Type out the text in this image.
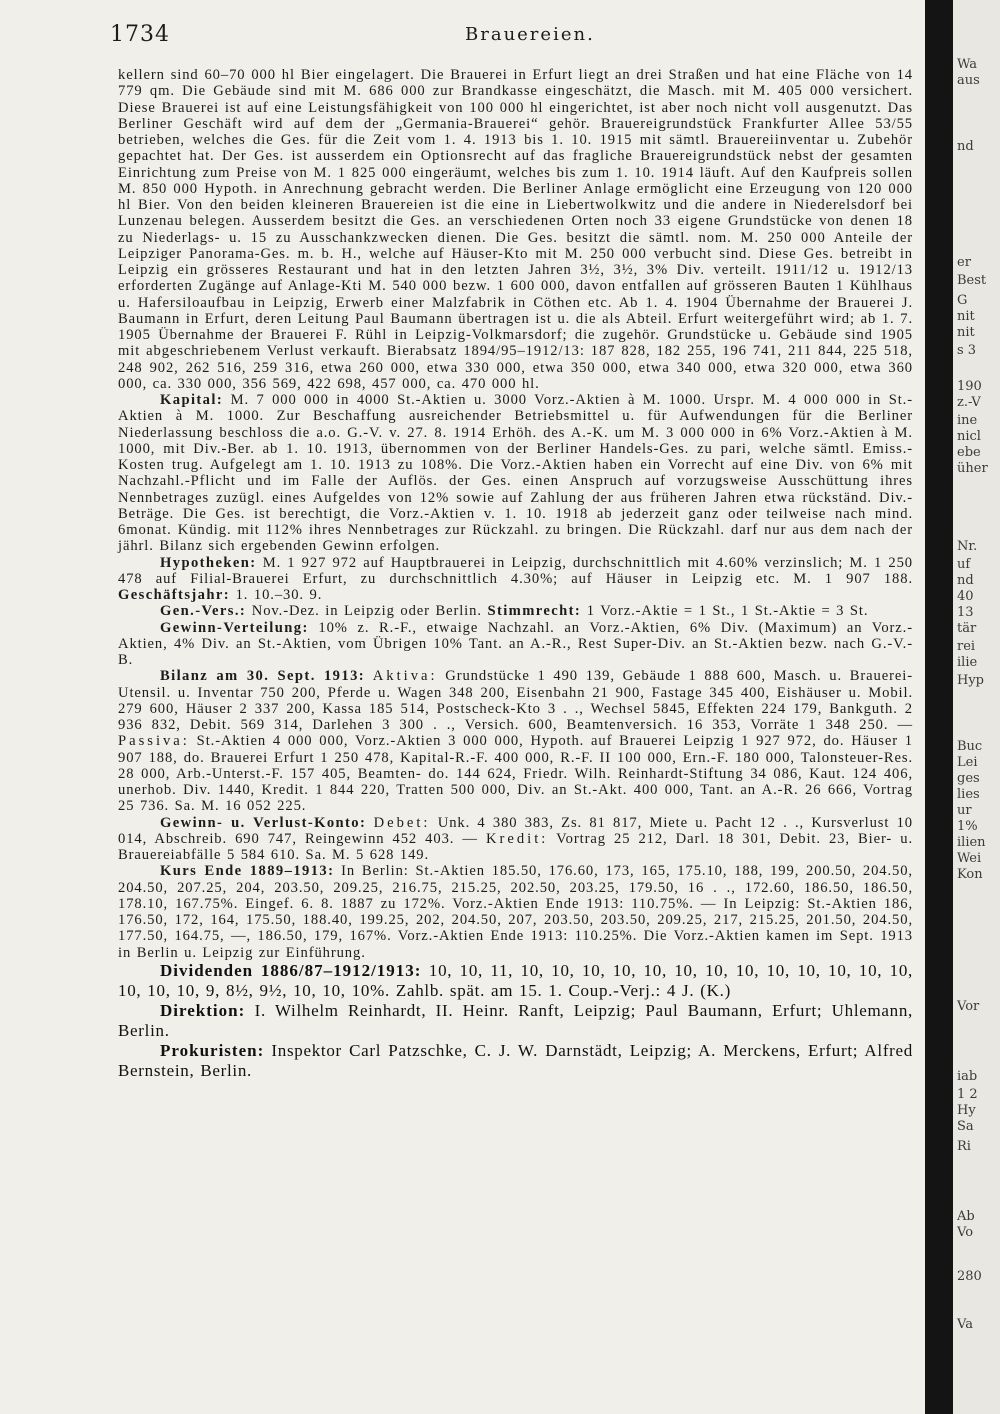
1734	Brauereien.

kellern sind 60–70 000 hl Bier eingelagert. Die Brauerei in Erfurt liegt an drei Straßen und hat eine Fläche von 14 779 qm. Die Gebäude sind mit M. 686 000 zur Brandkasse eingeschätzt, die Masch. mit M. 405 000 versichert. Diese Brauerei ist auf eine Leistungsfähigkeit von 100 000 hl eingerichtet, ist aber noch nicht voll ausgenutzt. Das Berliner Geschäft wird auf dem der „Germania-Brauerei“ gehör. Brauereigrundstück Frankfurter Allee 53/55 betrieben, welches die Ges. für die Zeit vom 1. 4. 1913 bis 1. 10. 1915 mit sämtl. Brauereiinventar u. Zubehör gepachtet hat. Der Ges. ist ausserdem ein Optionsrecht auf das fragliche Brauereigrundstück nebst der gesamten Einrichtung zum Preise von M. 1 825 000 eingeräumt, welches bis zum 1. 10. 1914 läuft. Auf den Kaufpreis sollen M. 850 000 Hypoth. in Anrechnung gebracht werden. Die Berliner Anlage ermöglicht eine Erzeugung von 120 000 hl Bier. Von den beiden kleineren Brauereien ist die eine in Liebertwolkwitz und die andere in Niederelsdorf bei Lunzenau belegen. Ausserdem besitzt die Ges. an verschiedenen Orten noch 33 eigene Grundstücke von denen 18 zu Niederlags- u. 15 zu Ausschankzwecken dienen. Die Ges. besitzt die sämtl. nom. M. 250 000 Anteile der Leipziger Panorama-Ges. m. b. H., welche auf Häuser-Kto mit M. 250 000 verbucht sind. Diese Ges. betreibt in Leipzig ein grösseres Restaurant und hat in den letzten Jahren 3½, 3½, 3% Div. verteilt. 1911/12 u. 1912/13 erforderten Zugänge auf Anlage-Kti M. 540 000 bezw. 1 600 000, davon entfallen auf grösseren Bauten 1 Kühlhaus u. Hafersiloaufbau in Leipzig, Erwerb einer Malzfabrik in Cöthen etc. Ab 1. 4. 1904 Übernahme der Brauerei J. Baumann in Erfurt, deren Leitung Paul Baumann übertragen ist u. die als Abteil. Erfurt weitergeführt wird; ab 1. 7. 1905 Übernahme der Brauerei F. Rühl in Leipzig-Volkmarsdorf; die zugehör. Grundstücke u. Gebäude sind 1905 mit abgeschriebenem Verlust verkauft. Bierabsatz 1894/95–1912/13: 187 828, 182 255, 196 741, 211 844, 225 518, 248 902, 262 516, 259 316, etwa 260 000, etwa 330 000, etwa 350 000, etwa 340 000, etwa 320 000, etwa 360 000, ca. 330 000, 356 569, 422 698, 457 000, ca. 470 000 hl.

Kapital: M. 7 000 000 in 4000 St.-Aktien u. 3000 Vorz.-Aktien à M. 1000. Urspr. M. 4 000 000 in St.-Aktien à M. 1000. Zur Beschaffung ausreichender Betriebsmittel u. für Aufwendungen für die Berliner Niederlassung beschloss die a.o. G.-V. v. 27. 8. 1914 Erhöh. des A.-K. um M. 3 000 000 in 6% Vorz.-Aktien à M. 1000, mit Div.-Ber. ab 1. 10. 1913, übernommen von der Berliner Handels-Ges. zu pari, welche sämtl. Emiss.-Kosten trug. Aufgelegt am 1. 10. 1913 zu 108%. Die Vorz.-Aktien haben ein Vorrecht auf eine Div. von 6% mit Nachzahl.-Pflicht und im Falle der Auflös. der Ges. einen Anspruch auf vorzugsweise Ausschüttung ihres Nennbetrages zuzügl. eines Aufgeldes von 12% sowie auf Zahlung der aus früheren Jahren etwa rückständ. Div.-Beträge. Die Ges. ist berechtigt, die Vorz.-Aktien v. 1. 10. 1918 ab jederzeit ganz oder teilweise nach mind. 6monat. Kündig. mit 112% ihres Nennbetrages zur Rückzahl. zu bringen. Die Rückzahl. darf nur aus dem nach der jährl. Bilanz sich ergebenden Gewinn erfolgen.

Hypotheken: M. 1 927 972 auf Hauptbrauerei in Leipzig, durchschnittlich mit 4.60% verzinslich; M. 1 250 478 auf Filial-Brauerei Erfurt, zu durchschnittlich 4.30%; auf Häuser in Leipzig etc. M. 1 907 188. Geschäftsjahr: 1. 10.–30. 9.

Gen.-Vers.: Nov.-Dez. in Leipzig oder Berlin. Stimmrecht: 1 Vorz.-Aktie = 1 St., 1 St.-Aktie = 3 St.

Gewinn-Verteilung: 10% z. R.-F., etwaige Nachzahl. an Vorz.-Aktien, 6% Div. (Maximum) an Vorz.-Aktien, 4% Div. an St.-Aktien, vom Übrigen 10% Tant. an A.-R., Rest Super-Div. an St.-Aktien bezw. nach G.-V.-B.

Bilanz am 30. Sept. 1913: Aktiva: Grundstücke 1 490 139, Gebäude 1 888 600, Masch. u. Brauerei-Utensil. u. Inventar 750 200, Pferde u. Wagen 348 200, Eisenbahn 21 900, Fastage 345 400, Eishäuser u. Mobil. 279 600, Häuser 2 337 200, Kassa 185 514, Postscheck-Kto 3 . ., Wechsel 5845, Effekten 224 179, Bankguth. 2 936 832, Debit. 569 314, Darlehen 3 300 . ., Versich. 600, Beamtenversich. 16 353, Vorräte 1 348 250. — Passiva: St.-Aktien 4 000 000, Vorz.-Aktien 3 000 000, Hypoth. auf Brauerei Leipzig 1 927 972, do. Häuser 1 907 188, do. Brauerei Erfurt 1 250 478, Kapital-R.-F. 400 000, R.-F. II 100 000, Ern.-F. 180 000, Talonsteuer-Res. 28 000, Arb.-Unterst.-F. 157 405, Beamten- do. 144 624, Friedr. Wilh. Reinhardt-Stiftung 34 086, Kaut. 124 406, unerhob. Div. 1440, Kredit. 1 844 220, Tratten 500 000, Div. an St.-Akt. 400 000, Tant. an A.-R. 26 666, Vortrag 25 736. Sa. M. 16 052 225.

Gewinn- u. Verlust-Konto: Debet: Unk. 4 380 383, Zs. 81 817, Miete u. Pacht 12 . ., Kursverlust 10 014, Abschreib. 690 747, Reingewinn 452 403. — Kredit: Vortrag 25 212, Darl. 18 301, Debit. 23, Bier- u. Brauereiabfälle 5 584 610. Sa. M. 5 628 149.

Kurs Ende 1889–1913: In Berlin: St.-Aktien 185.50, 176.60, 173, 165, 175.10, 188, 199, 200.50, 204.50, 204.50, 207.25, 204, 203.50, 209.25, 216.75, 215.25, 202.50, 203.25, 179.50, 16 . ., 172.60, 186.50, 186.50, 178.10, 167.75%. Eingef. 6. 8. 1887 zu 172%. Vorz.-Aktien Ende 1913: 110.75%. — In Leipzig: St.-Aktien 186, 176.50, 172, 164, 175.50, 188.40, 199.25, 202, 204.50, 207, 203.50, 203.50, 209.25, 217, 215.25, 201.50, 204.50, 177.50, 164.75, —, 186.50, 179, 167%. Vorz.-Aktien Ende 1913: 110.25%. Die Vorz.-Aktien kamen im Sept. 1913 in Berlin u. Leipzig zur Einführung.

Dividenden 1886/87–1912/1913: 10, 10, 11, 10, 10, 10, 10, 10, 10, 10, 10, 10, 10, 10, 10, 10, 10, 10, 10, 9, 8½, 9½, 10, 10, 10%. Zahlb. spät. am 15. 1. Coup.-Verj.: 4 J. (K.)

Direktion: I. Wilhelm Reinhardt, II. Heinr. Ranft, Leipzig; Paul Baumann, Erfurt; Uhlemann, Berlin.

Prokuristen: Inspektor Carl Patzschke, C. J. W. Darnstädt, Leipzig; A. Merckens, Erfurt; Alfred Bernstein, Berlin.

Wa
aus
nd
er
Best
G
nit
nit
s 3
190
z.-V
ine
nicl
ebe
üher
Nr.
uf
nd
40
13
tär
rei
ilie
Hyp
Buc
Lei
ges
lies
ur
1%
ilien
Wei
Kon
Vor
iab
1 2
Hy
Sa
Ri
Ab
Vo
280
Va
